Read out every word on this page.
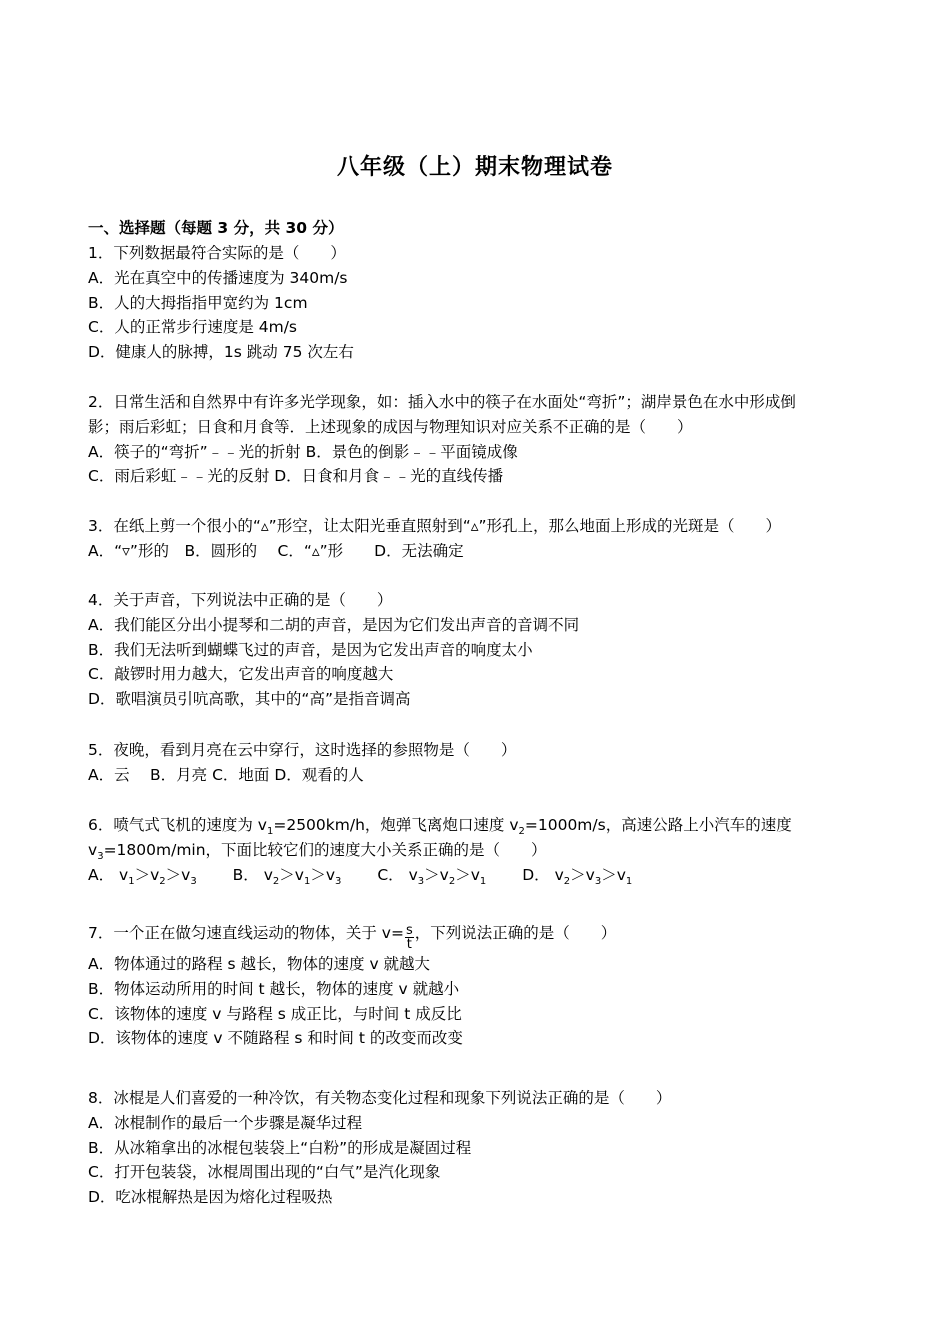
八年级（上）期末物理试卷
一、选择题（每题 3 分，共 30 分）
1．下列数据最符合实际的是（　　）
A．光在真空中的传播速度为 340m/s
B．人的大拇指指甲宽约为 1cm
C．人的正常步行速度是 4m/s
D．健康人的脉搏，1s 跳动 75 次左右
2．日常生活和自然界中有许多光学现象，如：插入水中的筷子在水面处“弯折”；湖岸景色在水中形成倒
影；雨后彩虹；日食和月食等．上述现象的成因与物理知识对应关系不正确的是（　　）
A．筷子的“弯折”﹣﹣光的折射 B．景色的倒影﹣﹣平面镜成像
C．雨后彩虹﹣﹣光的反射 D．日食和月食﹣﹣光的直线传播
3．在纸上剪一个很小的“▵”形空，让太阳光垂直照射到“▵”形孔上，那么地面上形成的光斑是（　　）
A．“▿”形的　B．圆形的　 C．“▵”形　　D．无法确定
4．关于声音，下列说法中正确的是（　　）
A．我们能区分出小提琴和二胡的声音，是因为它们发出声音的音调不同
B．我们无法听到蝴蝶飞过的声音，是因为它发出声音的响度太小
C．敲锣时用力越大，它发出声音的响度越大
D．歌唱演员引吭高歌，其中的“高”是指音调高
5．夜晚，看到月亮在云中穿行，这时选择的参照物是（　　）
A．云　 B．月亮 C．地面 D．观看的人
6．喷气式飞机的速度为 $v_1=2500km/h$，炮弹飞离炮口速度 $v_2=1000m/s$，高速公路上小汽车的速度
$v_3=1800m/\min$，下面比较它们的速度大小关系正确的是（　　）
A． $v_1>v_2>v_3$ 　　B． $v_2>v_1>v_3$ 　　C． $v_3>v_2>v_1$ 　　D． $v_2>v_3>v_1$
7．一个正在做匀速直线运动的物体，关于 $v= \frac{s}{t}$ ，下列说法正确的是（　　）
A．物体通过的路程 s 越长，物体的速度 v 就越大
B．物体运动所用的时间 t 越长，物体的速度 v 就越小
C．该物体的速度 v 与路程 s 成正比，与时间 t 成反比
D．该物体的速度 v 不随路程 s 和时间 t 的改变而改变
8．冰棍是人们喜爱的一种冷饮，有关物态变化过程和现象下列说法正确的是（　　）
A．冰棍制作的最后一个步骤是凝华过程
B．从冰箱拿出的冰棍包装袋上“白粉”的形成是凝固过程
C．打开包装袋，冰棍周围出现的“白气”是汽化现象
D．吃冰棍解热是因为熔化过程吸热
